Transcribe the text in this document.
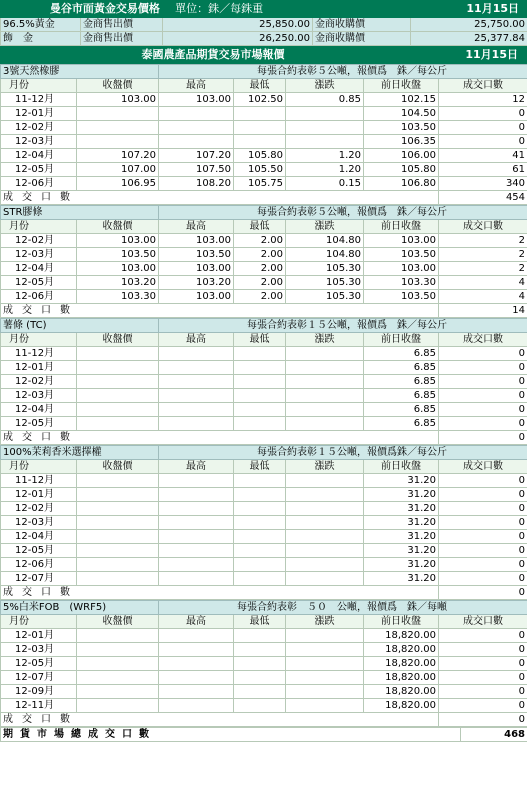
曼谷市面黃金交易價格 單位：銖／每銖重			11月15日	
96.5%黃金	金商售出價	25,850.00	金商收購價	25,750.00
飾　金	金商售出價	26,250.00	金商收購價	25,377.84
泰國農產品期貨交易市場報價	11月15日
3號天然橡膠		每張合約表彰５公噸，報價爲　銖／每公斤				
月份	收盤價	最高	最低	漲跌	前日收盤	成交口數
11-12月	103.00	103.00	102.50	0.85	102.15	12
12-01月					104.50	0
12-02月					103.50	0
12-03月					106.35	0
12-04月	107.20	107.20	105.80	1.20	106.00	41
12-05月	107.00	107.50	105.50	1.20	105.80	61
12-06月	106.95	108.20	105.75	0.15	106.80	340
成交口數						454
STR膠條		每張合約表彰５公噸，報價爲　銖／每公斤				
月份	收盤價	最高	最低	漲跌	前日收盤	成交口數
12-02月	103.00	103.00	2.00	104.80	103.00	2
12-03月	103.50	103.50	2.00	104.80	103.50	2
12-04月	103.00	103.00	2.00	105.30	103.00	2
12-05月	103.20	103.20	2.00	105.30	103.30	4
12-06月	103.30	103.00	2.00	105.30	103.50	4
成交口數						14
薯條 (TC)		每張合約表彰１５公噸，報價爲　銖／每公斤				
月份	收盤價	最高	最低	漲跌	前日收盤	成交口數
11-12月					6.85	0
12-01月					6.85	0
12-02月					6.85	0
12-03月					6.85	0
12-04月					6.85	0
12-05月					6.85	0
成交口數						0
100%茉莉香米選擇權		每張合約表彰１５公噸，報價爲銖／每公斤				
月份	收盤價	最高	最低	漲跌	前日收盤	成交口數
11-12月					31.20	0
12-01月					31.20	0
12-02月					31.20	0
12-03月					31.20	0
12-04月					31.20	0
12-05月					31.20	0
12-06月					31.20	0
12-07月					31.20	0
成交口數						0
5%白米FOB　(WRF5)		每張合約表彰　５０　公噸，報價爲　銖／每噸				
月份	收盤價	最高	最低	漲跌	前日收盤	成交口數
12-01月					18,820.00	0
12-03月					18,820.00	0
12-05月					18,820.00	0
12-07月					18,820.00	0
12-09月					18,820.00	0
12-11月					18,820.00	0
成交口數						0
期貨市場總成交口數	468
